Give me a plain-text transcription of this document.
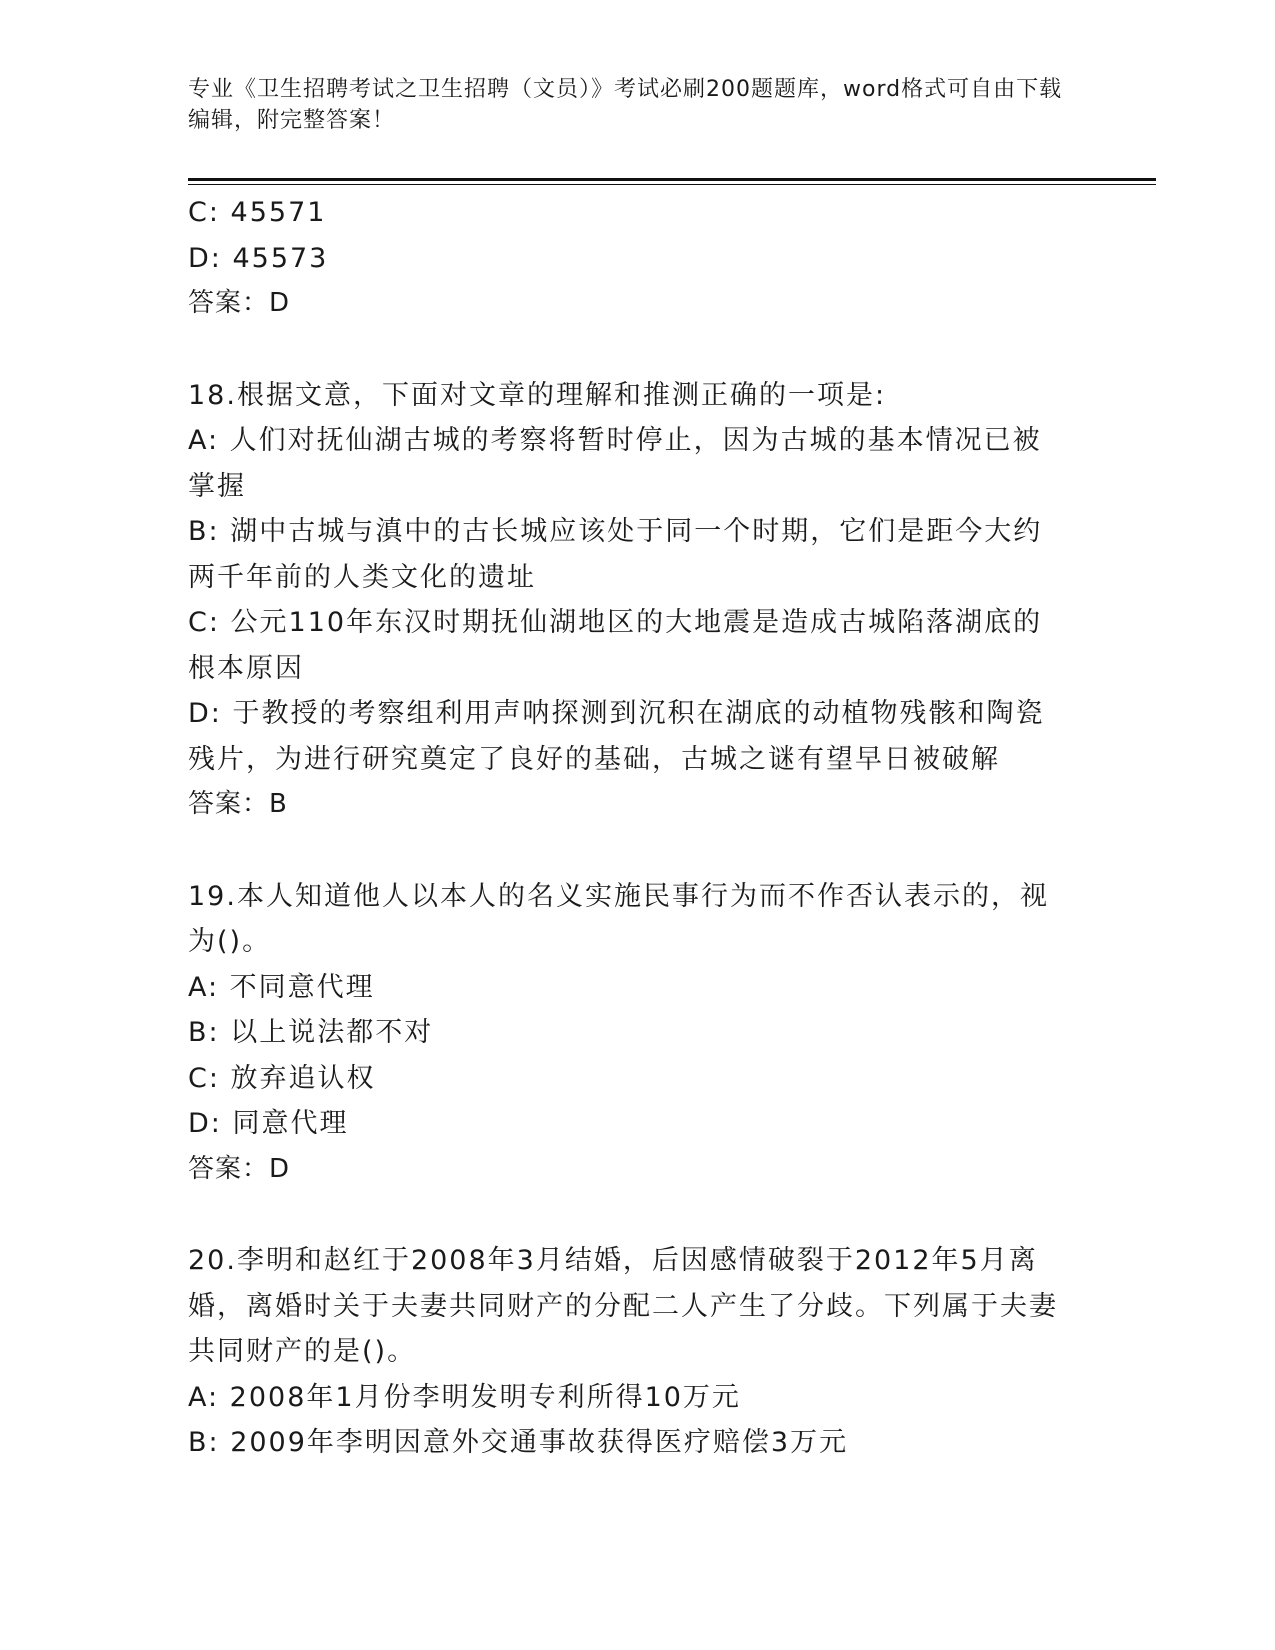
专业《卫生招聘考试之卫生招聘（文员）》考试必刷200题题库，word格式可自由下载编辑，附完整答案！
C: 45571
D: 45573
答案：D
18.根据文意，下面对文章的理解和推测正确的一项是:
A: 人们对抚仙湖古城的考察将暂时停止，因为古城的基本情况已被掌握
B: 湖中古城与滇中的古长城应该处于同一个时期，它们是距今大约两千年前的人类文化的遗址
C: 公元110年东汉时期抚仙湖地区的大地震是造成古城陷落湖底的根本原因
D: 于教授的考察组利用声呐探测到沉积在湖底的动植物残骸和陶瓷残片，为进行研究奠定了良好的基础，古城之谜有望早日被破解
答案：B
19.本人知道他人以本人的名义实施民事行为而不作否认表示的，视为()。
A: 不同意代理
B: 以上说法都不对
C: 放弃追认权
D: 同意代理
答案：D
20.李明和赵红于2008年3月结婚，后因感情破裂于2012年5月离婚，离婚时关于夫妻共同财产的分配二人产生了分歧。下列属于夫妻共同财产的是()。
A: 2008年1月份李明发明专利所得10万元
B: 2009年李明因意外交通事故获得医疗赔偿3万元
